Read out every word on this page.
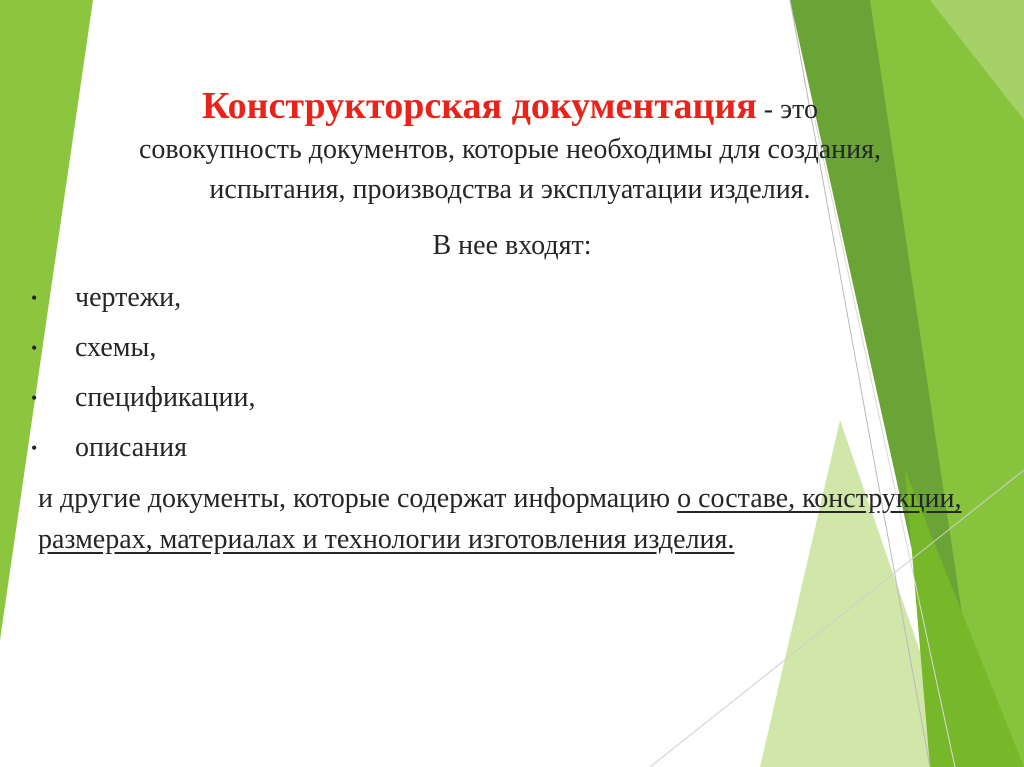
Конструкторская документация - это
совокупность документов, которые необходимы для создания,
испытания, производства и эксплуатации изделия.
В нее входят:
• чертежи,
• схемы,
• спецификации,
• описания
и другие документы, которые содержат информацию о составе, конструкции, размерах, материалах и технологии изготовления изделия.
